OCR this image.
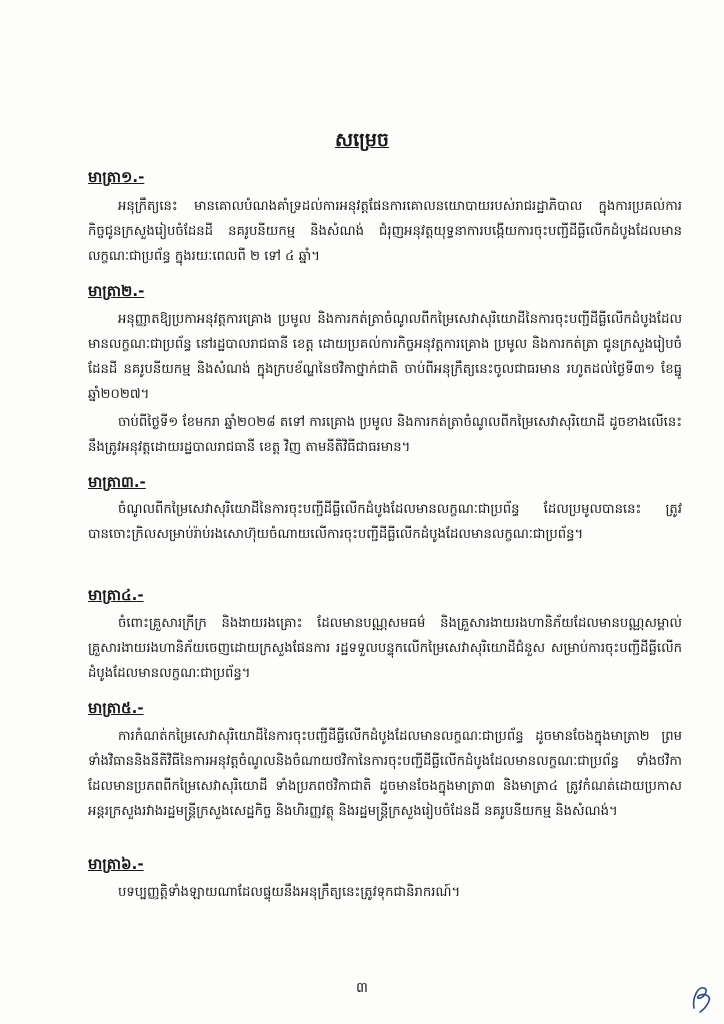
សម្រេច
មាត្រា១.-
អនុក្រឹត្យនេះ មានគោលបំណងគាំទ្រដល់ការអនុវត្តផែនការគោលនយោបាយរបស់រាជរដ្ឋាភិបាល ក្នុងការប្រគល់ការកិច្ចជូនក្រសួងរៀបចំដែនដី នគរូបនីយកម្ម និងសំណង់ ជំរុញអនុវត្តយុទ្ធនាការបង្កើយការចុះបញ្ជីដីធ្លីលើកដំបូងដែលមានលក្ខណៈជាប្រព័ន្ធ ក្នុងរយៈពេលពី ២ ទៅ ៤ ឆ្នាំ។
មាត្រា២.-
អនុញ្ញាតឱ្យប្រកាអនុវត្តការគ្រោង ប្រមូល និងការកត់ត្រាចំណូលពីកម្រៃសេវាសុរិយោដីនៃការចុះបញ្ជីដីធ្លីលើកដំបូងដែលមានលក្ខណៈជាប្រព័ន្ធ នៅរដ្ឋបាលរាជធានី ខេត្ត ដោយប្រគល់ការកិច្ចអនុវត្តការគ្រោង ប្រមូល និងការកត់ត្រា ជូនក្រសួងរៀបចំដែនដី នគរូបនីយកម្ម និងសំណង់ ក្នុងក្របខ័ណ្ឌនៃថវិកាថ្នាក់ជាតិ ចាប់ពីអនុក្រឹត្យនេះចូលជាធរមាន រហូតដល់ថ្ងៃទី៣១ ខែធ្នូ ឆ្នាំ២០២៧។
ចាប់ពីថ្ងៃទី១ ខែមករា ឆ្នាំ២០២៨ តទៅ ការគ្រោង ប្រមូល និងការកត់ត្រាចំណូលពីកម្រៃសេវាសុរិយោដី ដូចខាងលើនេះ នឹងត្រូវអនុវត្តដោយរដ្ឋបាលរាជធានី ខេត្ត វិញ តាមនីតិវិធីជាធរមាន។
មាត្រា៣.-
ចំណូលពីកម្រៃសេវាសុរិយោដីនៃការចុះបញ្ជីដីធ្លីលើកដំបូងដែលមានលក្ខណៈជាប្រព័ន្ធ ដែលប្រមូលបាននេះ ត្រូវបានចោះក្រិលសម្រាប់រ៉ាប់រងសោហ៊ុយចំណាយលើការចុះបញ្ជីដីធ្លីលើកដំបូងដែលមានលក្ខណៈជាប្រព័ន្ធ។
មាត្រា៤.-
ចំពោះគ្រួសារក្រីក្រ និងងាយរងគ្រោះ ដែលមានបណ្ណសមធម៌ និងគ្រួសារងាយរងហានិភ័យដែលមានបណ្ណសម្គាល់គ្រួសារងាយរងហានិភ័យចេញដោយក្រសួងផែនការ រដ្ឋទទួលបន្ទុកលើកម្រៃសេវាសុរិយោដីជំនួស សម្រាប់ការចុះបញ្ជីដីធ្លីលើកដំបូងដែលមានលក្ខណៈជាប្រព័ន្ធ។
មាត្រា៥.-
ការកំណត់កម្រៃសេវាសុរិយោដីនៃការចុះបញ្ជីដីធ្លីលើកដំបូងដែលមានលក្ខណៈជាប្រព័ន្ធ ដូចមានចែងក្នុងមាត្រា២ ព្រមទាំងវិធាននិងនីតិវិធីនៃការអនុវត្តចំណូលនិងចំណាយថវិកានៃការចុះបញ្ជីដីធ្លីលើកដំបូងដែលមានលក្ខណៈជាប្រព័ន្ធ ទាំងថវិកាដែលមានប្រភពពីកម្រៃសេវាសុរិយោដី ទាំងប្រភពថវិកាជាតិ ដូចមានចែងក្នុងមាត្រា៣ និងមាត្រា៤ ត្រូវកំណត់ដោយប្រកាសអន្តរក្រសួងរវាងរដ្ឋមន្ត្រីក្រសួងសេដ្ឋកិច្ច និងហិរញ្ញវត្ថុ និងរដ្ឋមន្ត្រីក្រសួងរៀបចំដែនដី នគរូបនីយកម្ម និងសំណង់។
មាត្រា៦.-
បទប្បញ្ញត្តិទាំងឡាយណាដែលផ្ទុយនឹងអនុក្រឹត្យនេះត្រូវទុកជានិរាករណ៍។
៣
